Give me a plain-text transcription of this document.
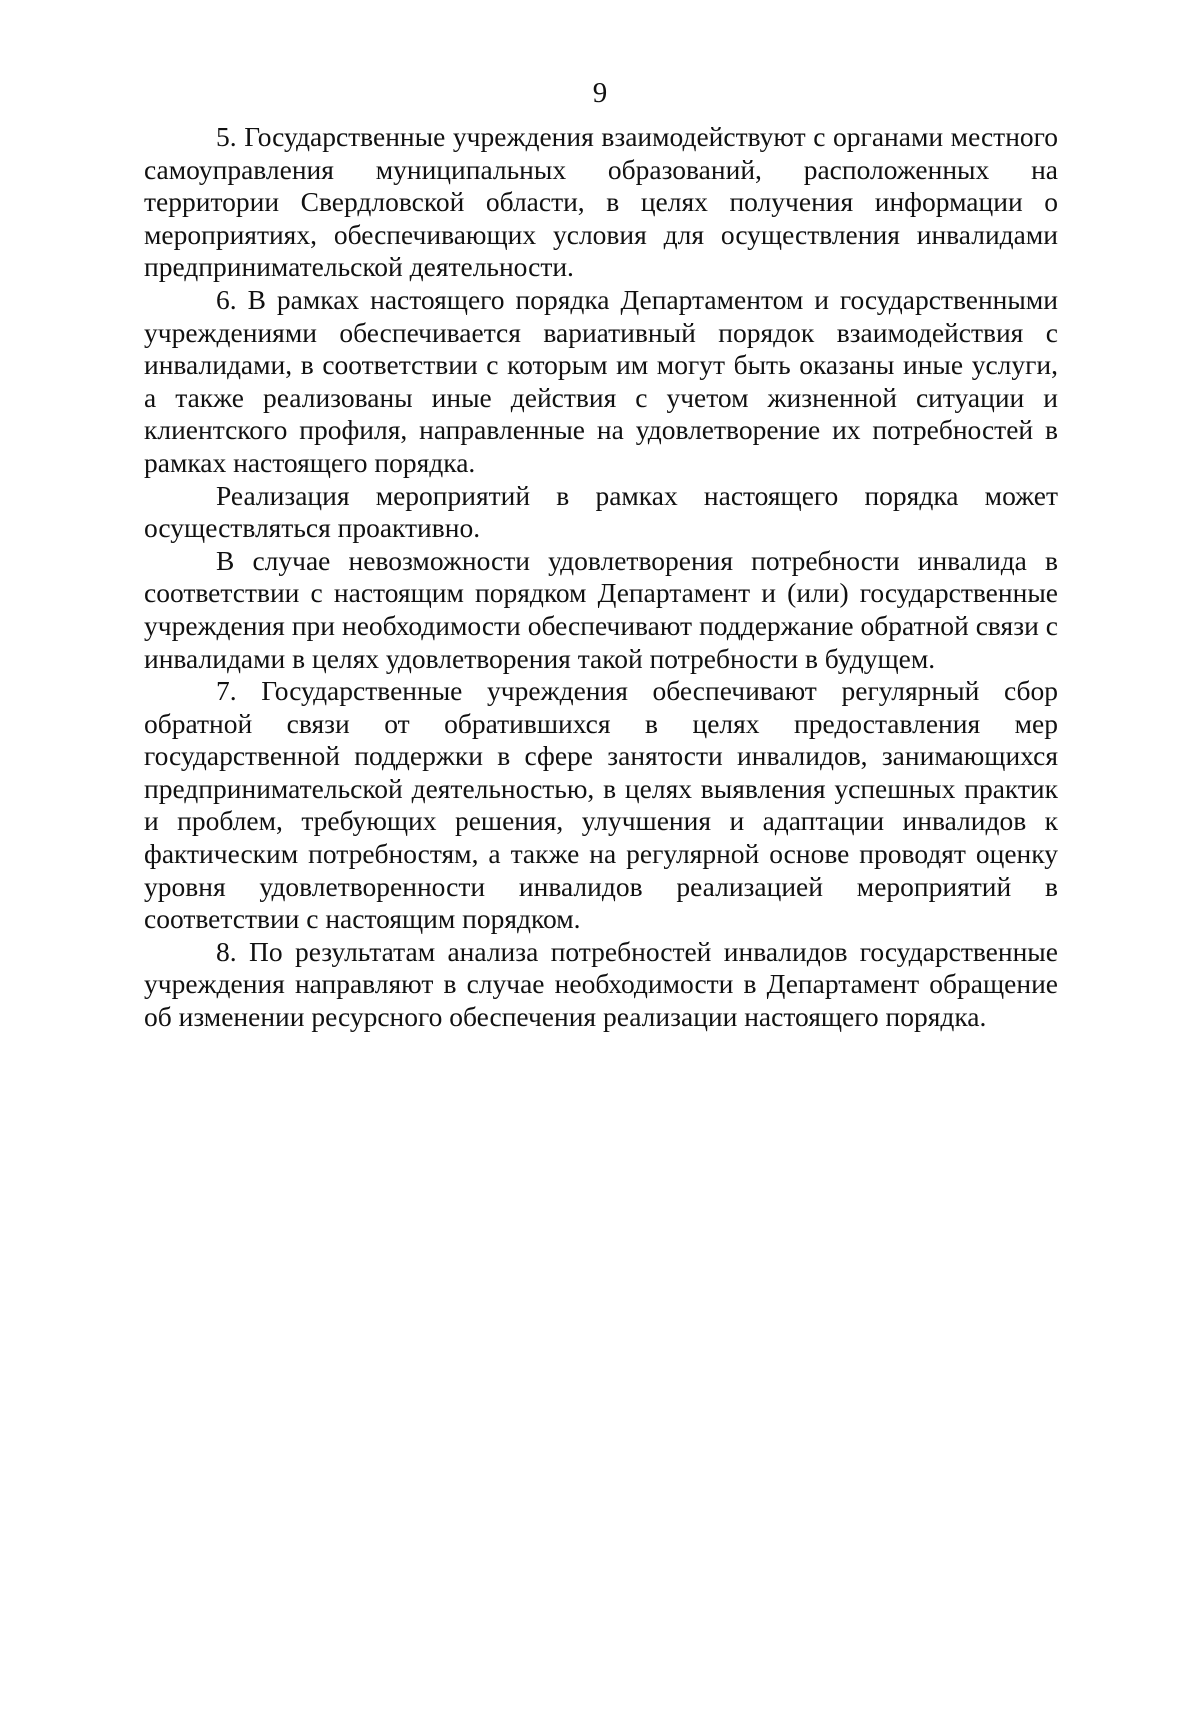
9

5. Государственные учреждения взаимодействуют с органами местного самоуправления муниципальных образований, расположенных на территории Свердловской области, в целях получения информации о мероприятиях, обеспечивающих условия для осуществления инвалидами предпринимательской деятельности.

6. В рамках настоящего порядка Департаментом и государственными учреждениями обеспечивается вариативный порядок взаимодействия с инвалидами, в соответствии с которым им могут быть оказаны иные услуги, а также реализованы иные действия с учетом жизненной ситуации и клиентского профиля, направленные на удовлетворение их потребностей в рамках настоящего порядка.

Реализация мероприятий в рамках настоящего порядка может осуществляться проактивно.

В случае невозможности удовлетворения потребности инвалида в соответствии с настоящим порядком Департамент и (или) государственные учреждения при необходимости обеспечивают поддержание обратной связи с инвалидами в целях удовлетворения такой потребности в будущем.

7. Государственные учреждения обеспечивают регулярный сбор обратной связи от обратившихся в целях предоставления мер государственной поддержки в сфере занятости инвалидов, занимающихся предпринимательской деятельностью, в целях выявления успешных практик и проблем, требующих решения, улучшения и адаптации инвалидов к фактическим потребностям, а также на регулярной основе проводят оценку уровня удовлетворенности инвалидов реализацией мероприятий в соответствии с настоящим порядком.

8. По результатам анализа потребностей инвалидов государственные учреждения направляют в случае необходимости в Департамент обращение об изменении ресурсного обеспечения реализации настоящего порядка.
